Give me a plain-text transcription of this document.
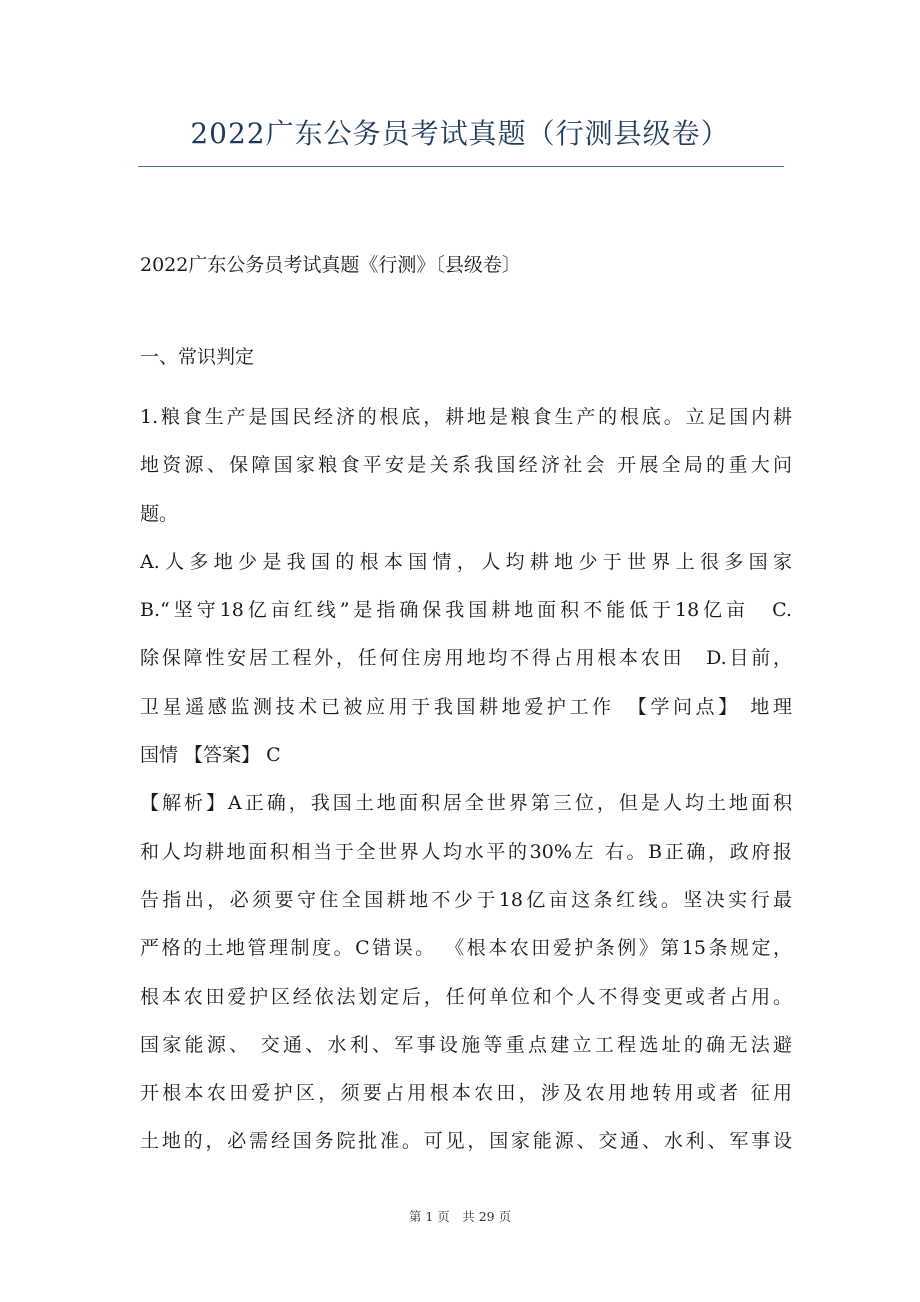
2022广东公务员考试真题（行测县级卷）

2022广东公务员考试真题《行测》〔县级卷〕

一、常识判定
1.粮食生产是国民经济的根底，耕地是粮食生产的根底。立足国内耕
地资源、保障国家粮食平安是关系我国经济社会 开展全局的重大问
题。
A.人多地少是我国的根本国情，人均耕地少于世界上很多国家
B.“坚守18亿亩红线”是指确保我国耕地面积不能低于18亿亩　C.
除保障性安居工程外，任何住房用地均不得占用根本农田　D.目前，
卫星遥感监测技术已被应用于我国耕地爱护工作　【学问点】 地理
国情 【答案】 C
【解析】A正确，我国土地面积居全世界第三位，但是人均土地面积
和人均耕地面积相当于全世界人均水平的30%左 右。B正确，政府报
告指出，必须要守住全国耕地不少于18亿亩这条红线。坚决实行最
严格的土地管理制度。C错误。 《根本农田爱护条例》第15条规定，
根本农田爱护区经依法划定后，任何单位和个人不得变更或者占用。
国家能源、 交通、水利、军事设施等重点建立工程选址的确无法避
开根本农田爱护区，须要占用根本农田，涉及农用地转用或者 征用
土地的，必需经国务院批准。可见，国家能源、交通、水利、军事设
第 1 页　共 29 页
